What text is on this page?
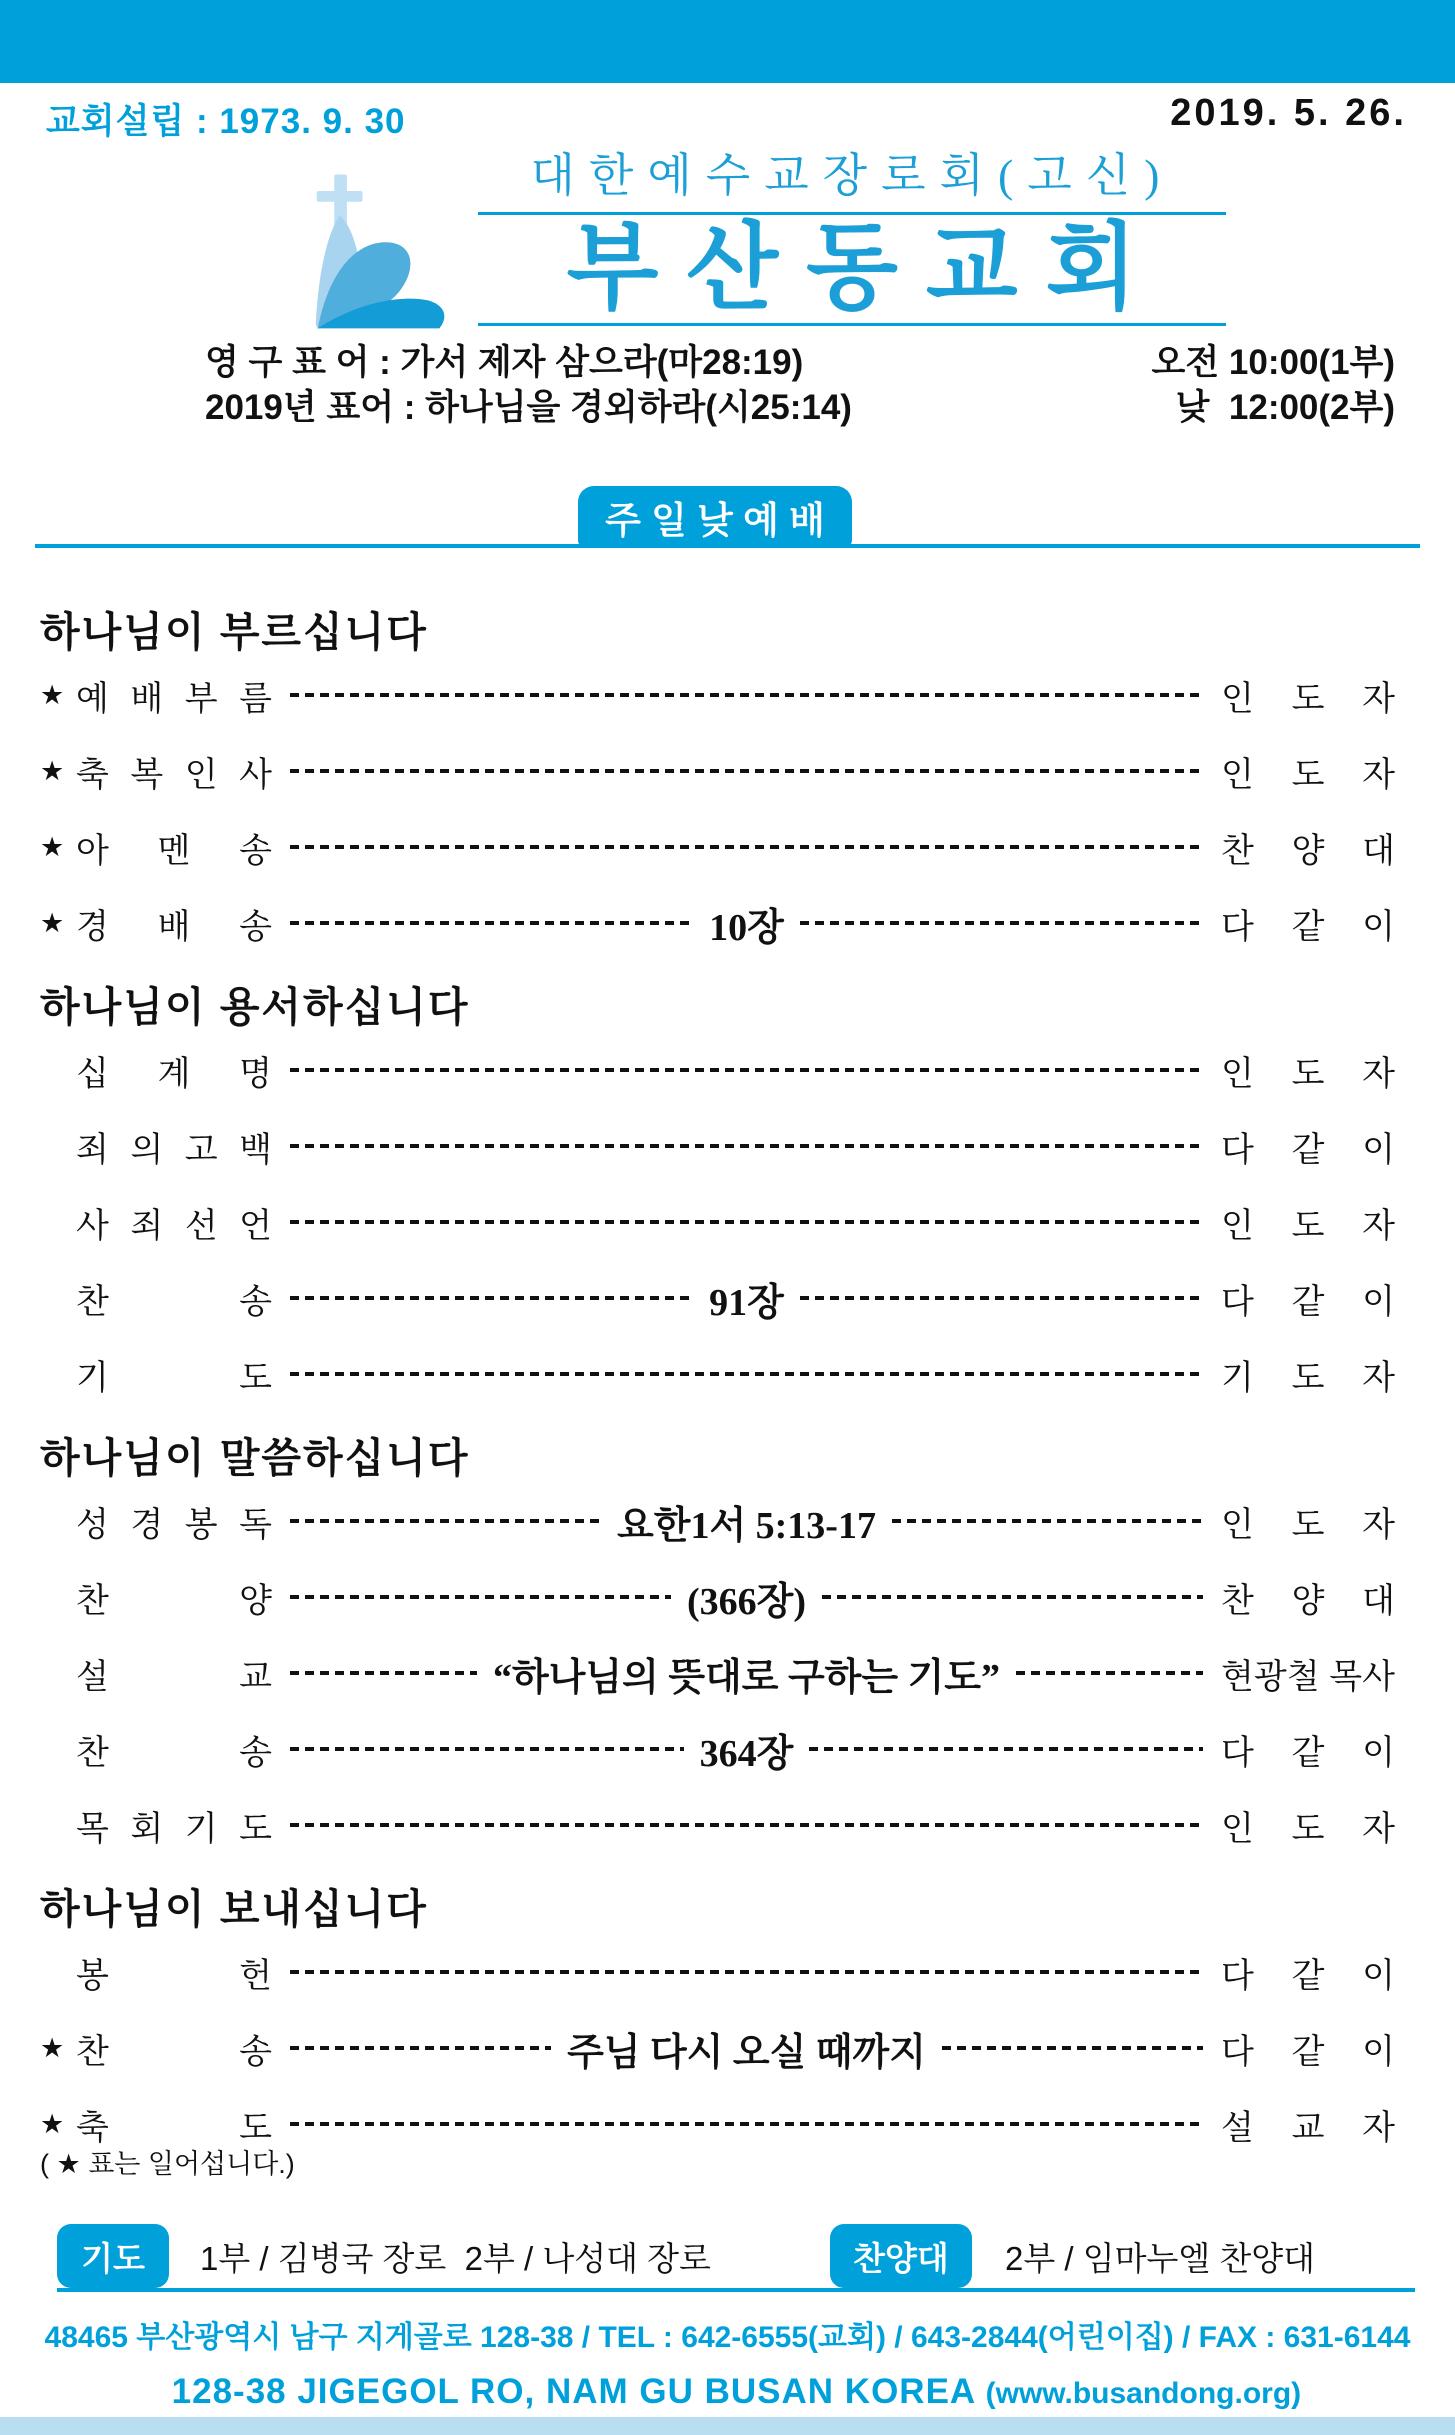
교회설립 : 1973. 9. 30	2019. 5. 26.
대한예수교장로회(고신)
부산동교회
영 구 표 어 : 가서 제자 삼으라(마28:19)	오전 10:00(1부)
2019년 표어 : 하나님을 경외하라(시25:14)	낮  12:00(2부)
주 일 낮 예 배
하나님이 부르십니다
★ 예 배 부 름	인 도 자
★ 축 복 인 사	인 도 자
★ 아 멘 송	찬 양 대
★ 경 배 송	10장	다 같 이
하나님이 용서하십니다
십 계 명	인 도 자
죄 의 고 백	다 같 이
사 죄 선 언	인 도 자
찬 송	91장	다 같 이
기 도	기 도 자
하나님이 말씀하십니다
성 경 봉 독	요한1서 5:13-17	인 도 자
찬 양	(366장)	찬 양 대
설 교	“하나님의 뜻대로 구하는 기도”	현광철 목사
찬 송	364장	다 같 이
목 회 기 도	인 도 자
하나님이 보내십니다
봉 헌	다 같 이
★ 찬 송	주님 다시 오실 때까지	다 같 이
★ 축 도	설 교 자
( ★ 표는 일어섭니다.)
기도	1부 / 김병국 장로  2부 / 나성대 장로	찬양대	2부 / 임마누엘 찬양대
48465 부산광역시 남구 지게골로 128-38 / TEL : 642-6555(교회) / 643-2844(어린이집) / FAX : 631-6144

128-38 JIGEGOL RO, NAM GU BUSAN KOREA (www.busandong.org)
